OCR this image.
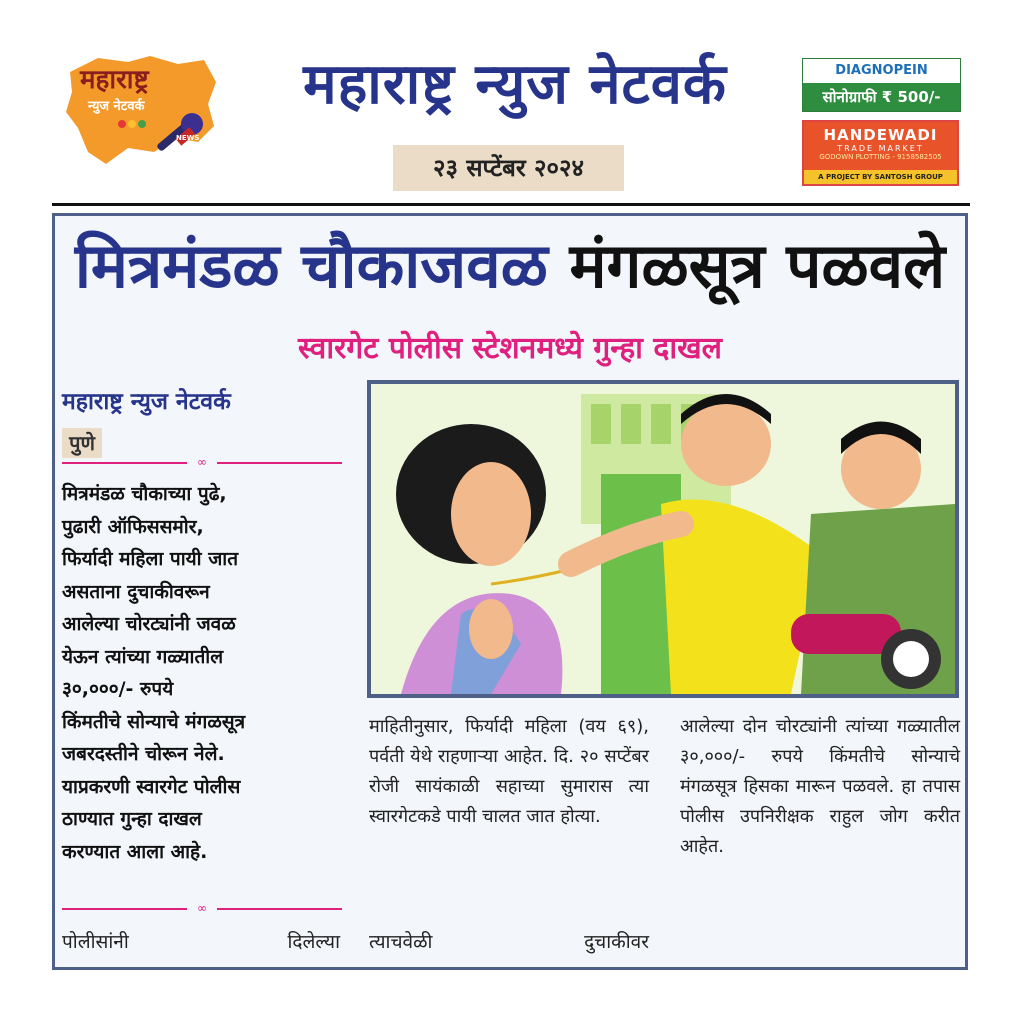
महाराष्ट्र
न्युज नेटवर्क
NEWS
महाराष्ट्र न्युज नेटवर्क
२३ सप्टेंबर २०२४
DIAGNOPEIN
सोनोग्राफी ₹ 500/-
HANDEWADI
TRADE MARKET
GODOWN PLOTTING - 9158582505
A PROJECT BY SANTOSH GROUP
मित्रमंडळ चौकाजवळ मंगळसूत्र पळवले
स्वारगेट पोलीस स्टेशनमध्ये गुन्हा दाखल
महाराष्ट्र न्युज नेटवर्क
पुणे
∞

मित्रमंडळ चौकाच्या पुढे,

पुढारी ऑफिससमोर,

फिर्यादी महिला पायी जात

असताना दुचाकीवरून

आलेल्या चोरट्यांनी जवळ

येऊन त्यांच्या गळ्यातील

३०,०००/- रुपये

किंमतीचे सोन्याचे मंगळसूत्र

जबरदस्तीने चोरून नेले.

याप्रकरणी स्वारगेट पोलीस

ठाण्यात गुन्हा दाखल

करण्यात आला आहे.

∞
पोलीसांनी दिलेल्या
माहितीनुसार, फिर्यादी महिला (वय ६९), पर्वती येथे राहणाऱ्या आहेत. दि. २० सप्टेंबर रोजी सायंकाळी सहाच्या सुमारास त्या स्वारगेटकडे पायी चालत जात होत्या.
त्याचवेळी दुचाकीवर
आलेल्या दोन चोरट्यांनी त्यांच्या गळ्यातील ३०,०००/- रुपये किंमतीचे सोन्याचे मंगळसूत्र हिसका मारून पळवले. हा तपास पोलीस उपनिरीक्षक राहुल जोग करीत आहेत.
